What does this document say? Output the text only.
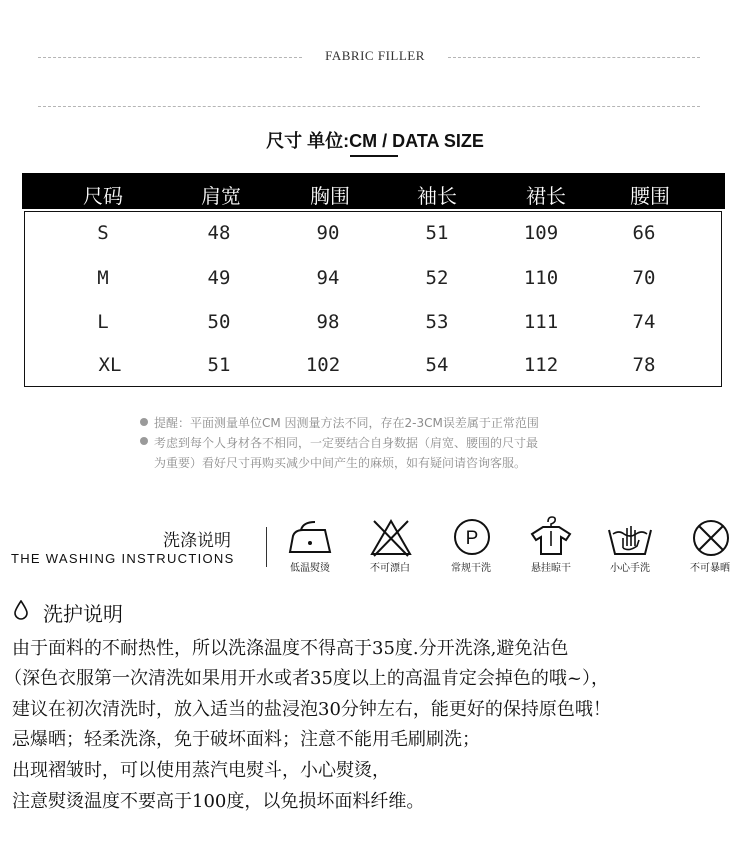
FABRIC FILLER
尺寸 单位:CM / DATA SIZE
尺码	肩宽	胸围	袖长	裙长	腰围
S	48	90	51	109	66
M	49	94	52	110	70
L	50	98	53	111	74
XL	51	102	54	112	78
提醒：平面测量单位CM 因测量方法不同，存在2-3CM误差属于正常范围
考虑到每个人身材各不相同，一定要结合自身数据（肩宽、腰围的尺寸最
为重要）看好尺寸再购买减少中间产生的麻烦，如有疑问请咨询客服。
洗涤说明
THE WASHING INSTRUCTIONS
低温熨烫	不可漂白
P
常规干洗	悬挂晾干	小心手洗	不可暴晒
洗护说明
由于面料的不耐热性，所以洗涤温度不得高于35度.分开洗涤,避免沾色
（深色衣服第一次清洗如果用开水或者35度以上的高温肯定会掉色的哦~），
建议在初次清洗时，放入适当的盐浸泡30分钟左右，能更好的保持原色哦！
忌爆晒；轻柔洗涤，免于破坏面料；注意不能用毛刷刷洗；
出现褶皱时，可以使用蒸汽电熨斗，小心熨烫，
注意熨烫温度不要高于100度，以免损坏面料纤维。
